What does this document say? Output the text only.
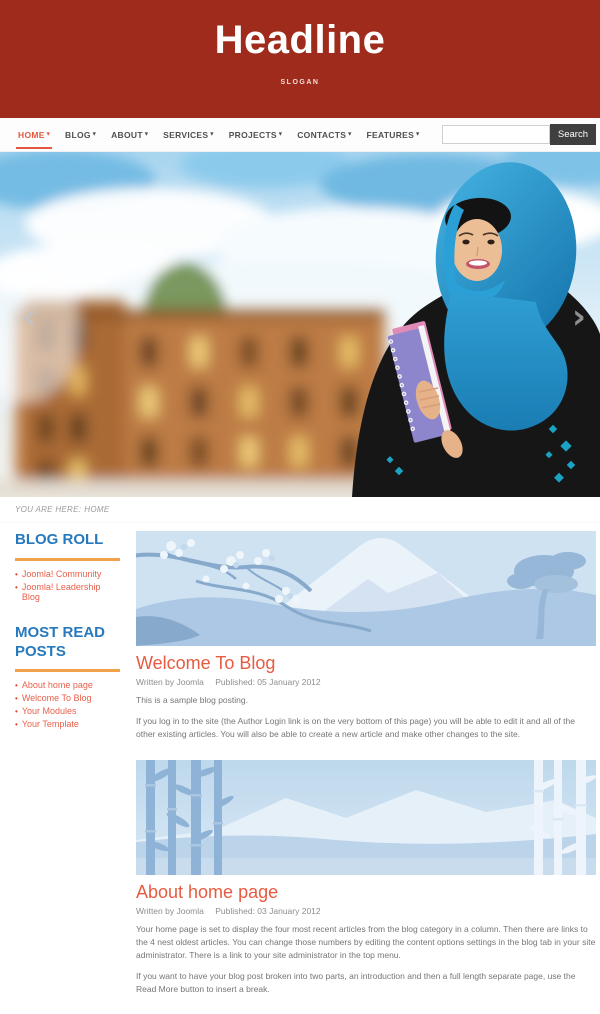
Headline
SLOGAN
HOME ▾ BLOG ▾ ABOUT ▾ SERVICES ▾ PROJECTS ▾ CONTACTS ▾ FEATURES ▾	Search
‹	›
YOU ARE HERE: HOME
BLOG ROLL
• Joomla! Community
• Joomla! Leadership Blog
MOST READ POSTS
• About home page
• Welcome To Blog
• Your Modules
• Your Template
Welcome To Blog
Written by Joomla Published: 05 January 2012

This is a sample blog posting.

If you log in to the site (the Author Login link is on the very bottom of this page) you will be able to edit it and all of the other existing articles. You will also be able to create a new article and make other changes to the site.

About home page
Written by Joomla Published: 03 January 2012

Your home page is set to display the four most recent articles from the blog category in a column. Then there are links to the 4 nest oldest articles. You can change those numbers by editing the content options settings in the blog tab in your site administrator. There is a link to your site administrator in the top menu.

If you want to have your blog post broken into two parts, an introduction and then a full length separate page, use the Read More button to insert a break.
